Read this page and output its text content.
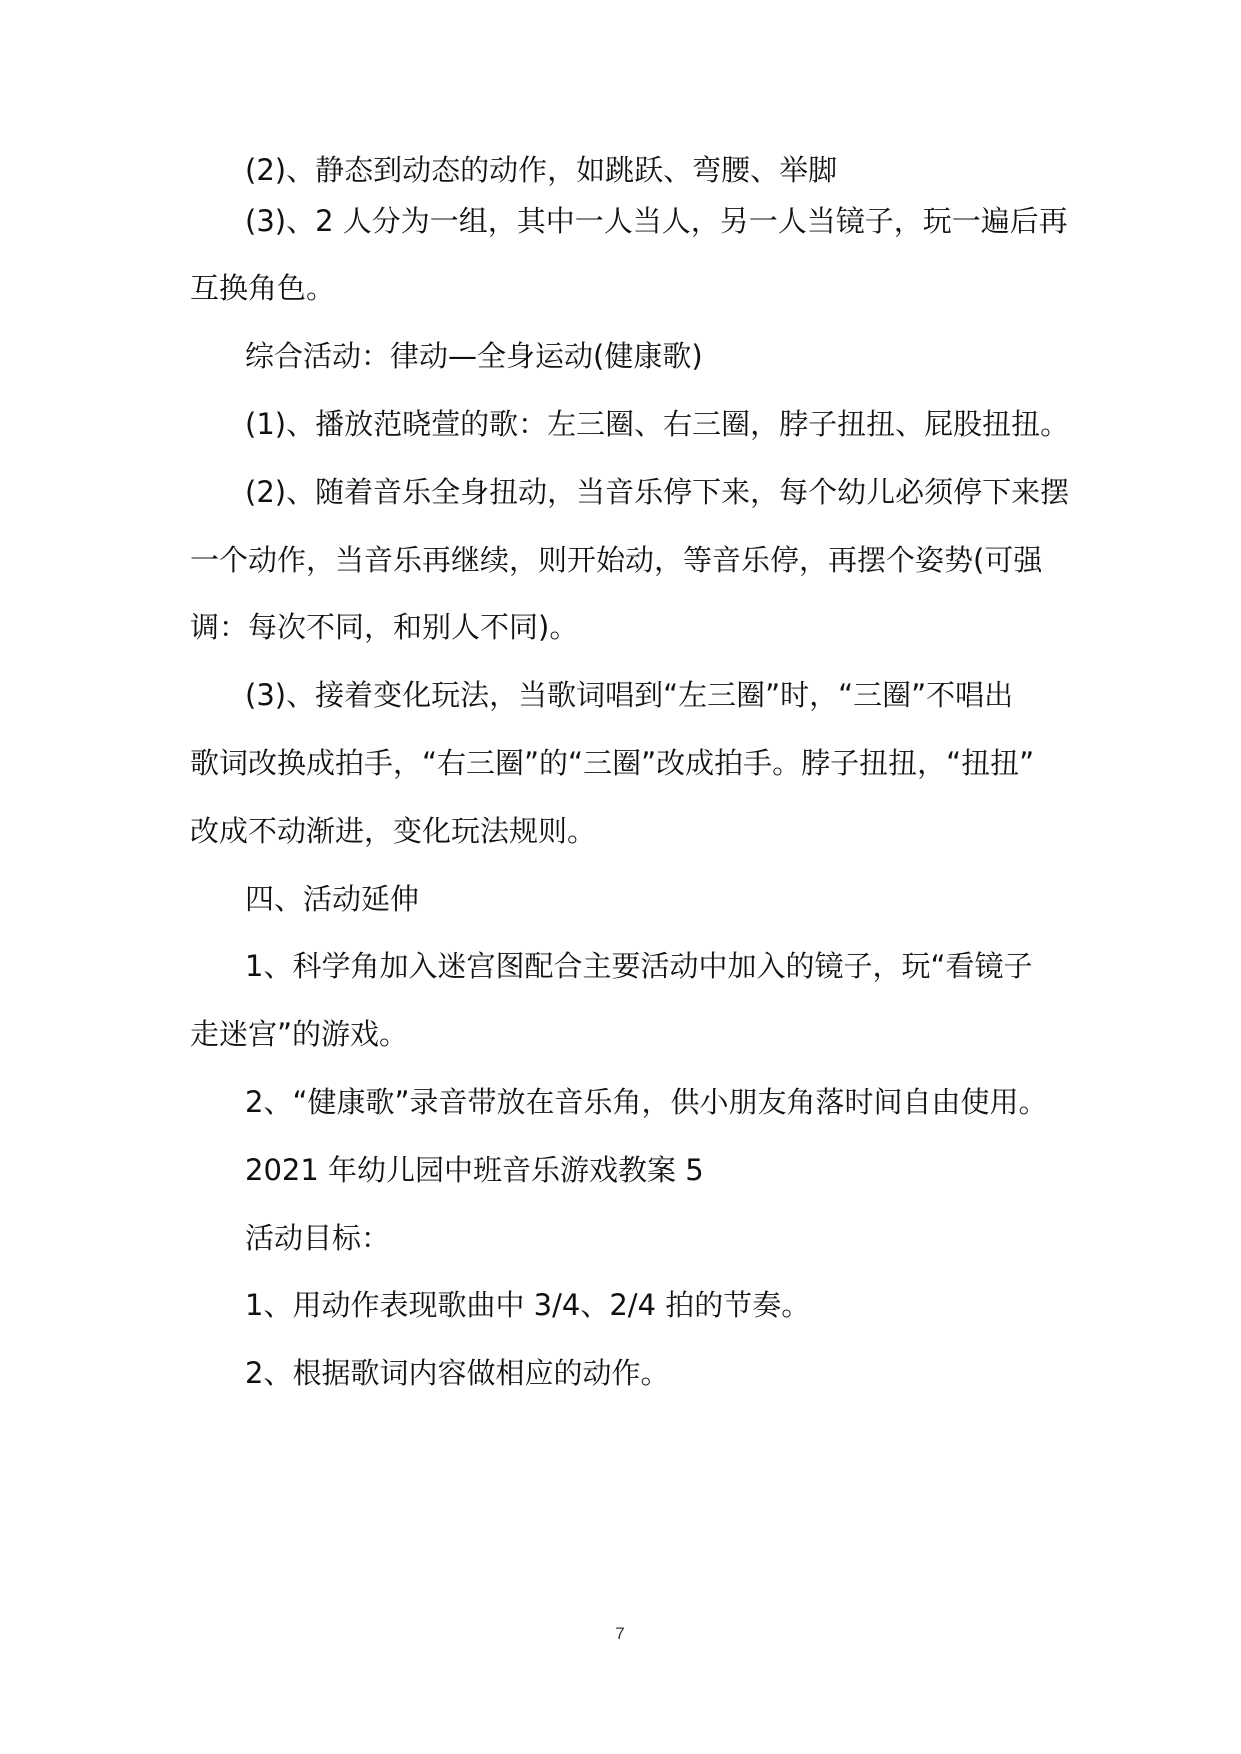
(2)、静态到动态的动作，如跳跃、弯腰、举脚
(3)、2 人分为一组，其中一人当人，另一人当镜子，玩一遍后再
互换角色。
综合活动：律动—全身运动(健康歌)
(1)、播放范晓萱的歌：左三圈、右三圈，脖子扭扭、屁股扭扭。
(2)、随着音乐全身扭动，当音乐停下来，每个幼儿必须停下来摆
一个动作，当音乐再继续，则开始动，等音乐停，再摆个姿势(可强
调：每次不同，和别人不同)。
(3)、接着变化玩法，当歌词唱到“左三圈”时，“三圈”不唱出
歌词改换成拍手，“右三圈”的“三圈”改成拍手。脖子扭扭，“扭扭”
改成不动渐进，变化玩法规则。
四、活动延伸
1、科学角加入迷宫图配合主要活动中加入的镜子，玩“看镜子
走迷宫”的游戏。
2、“健康歌”录音带放在音乐角，供小朋友角落时间自由使用。
2021 年幼儿园中班音乐游戏教案 5
活动目标：
1、用动作表现歌曲中 3/4、2/4 拍的节奏。
2、根据歌词内容做相应的动作。
7
